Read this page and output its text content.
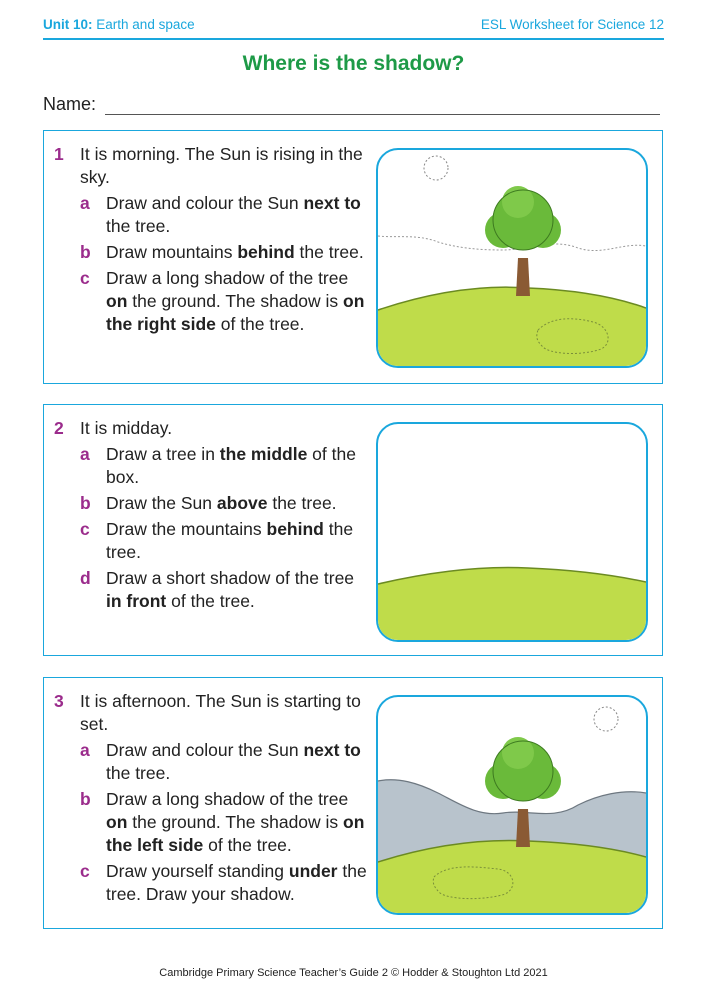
Unit 10: Earth and space	ESL Worksheet for Science 12
Where is the shadow?
Name:
1 It is morning. The Sun is rising in the sky.
a Draw and colour the Sun next to the tree.
b Draw mountains behind the tree.
c Draw a long shadow of the tree on the ground. The shadow is on the right side of the tree.
2 It is midday.
a Draw a tree in the middle of the box.
b Draw the Sun above the tree.
c Draw the mountains behind the tree.
d Draw a short shadow of the tree in front of the tree.
3 It is afternoon. The Sun is starting to set.
a Draw and colour the Sun next to the tree.
b Draw a long shadow of the tree on the ground. The shadow is on the left side of the tree.
c Draw yourself standing under the tree. Draw your shadow.
Cambridge Primary Science Teacher’s Guide 2 © Hodder & Stoughton Ltd 2021
